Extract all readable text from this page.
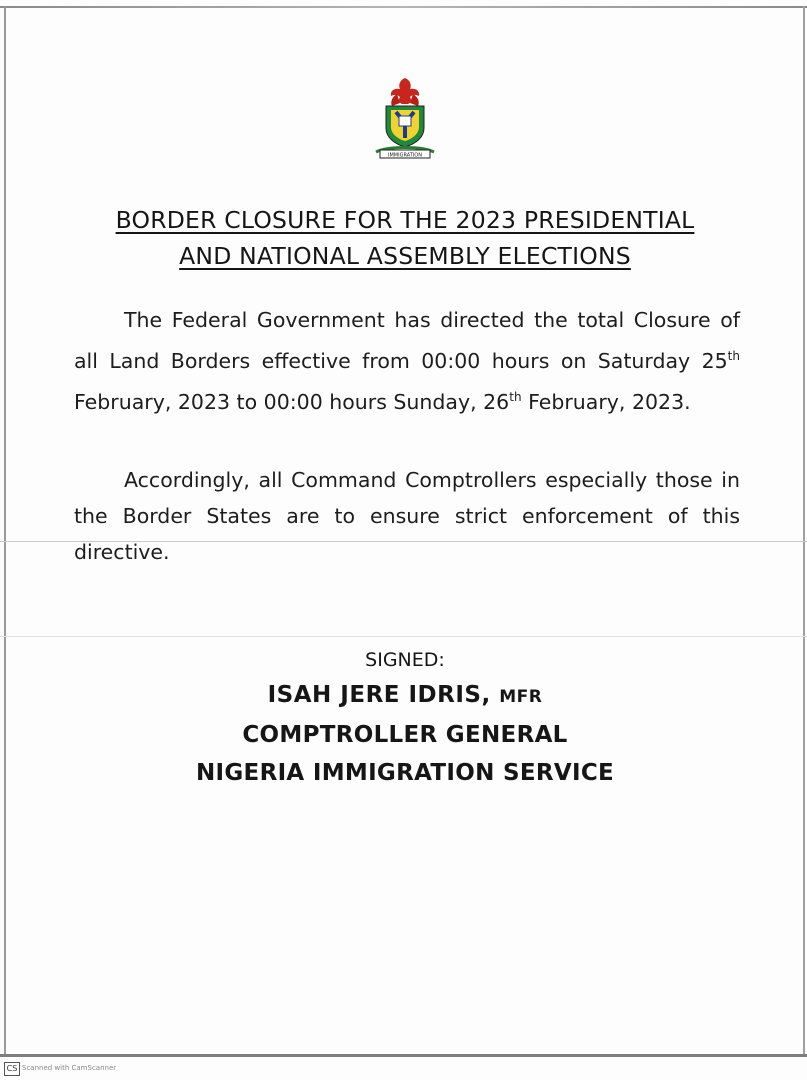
IMMIGRATION
BORDER CLOSURE FOR THE 2023 PRESIDENTIAL
AND NATIONAL ASSEMBLY ELECTIONS
The Federal Government has directed the total Closure of all Land Borders effective from 00:00 hours on Saturday 25th February, 2023 to 00:00 hours Sunday, 26th February, 2023.
Accordingly, all Command Comptrollers especially those in the Border States are to ensure strict enforcement of this directive.
SIGNED:
ISAH JERE IDRIS, MFR
COMPTROLLER GENERAL
NIGERIA IMMIGRATION SERVICE
CS Scanned with CamScanner
